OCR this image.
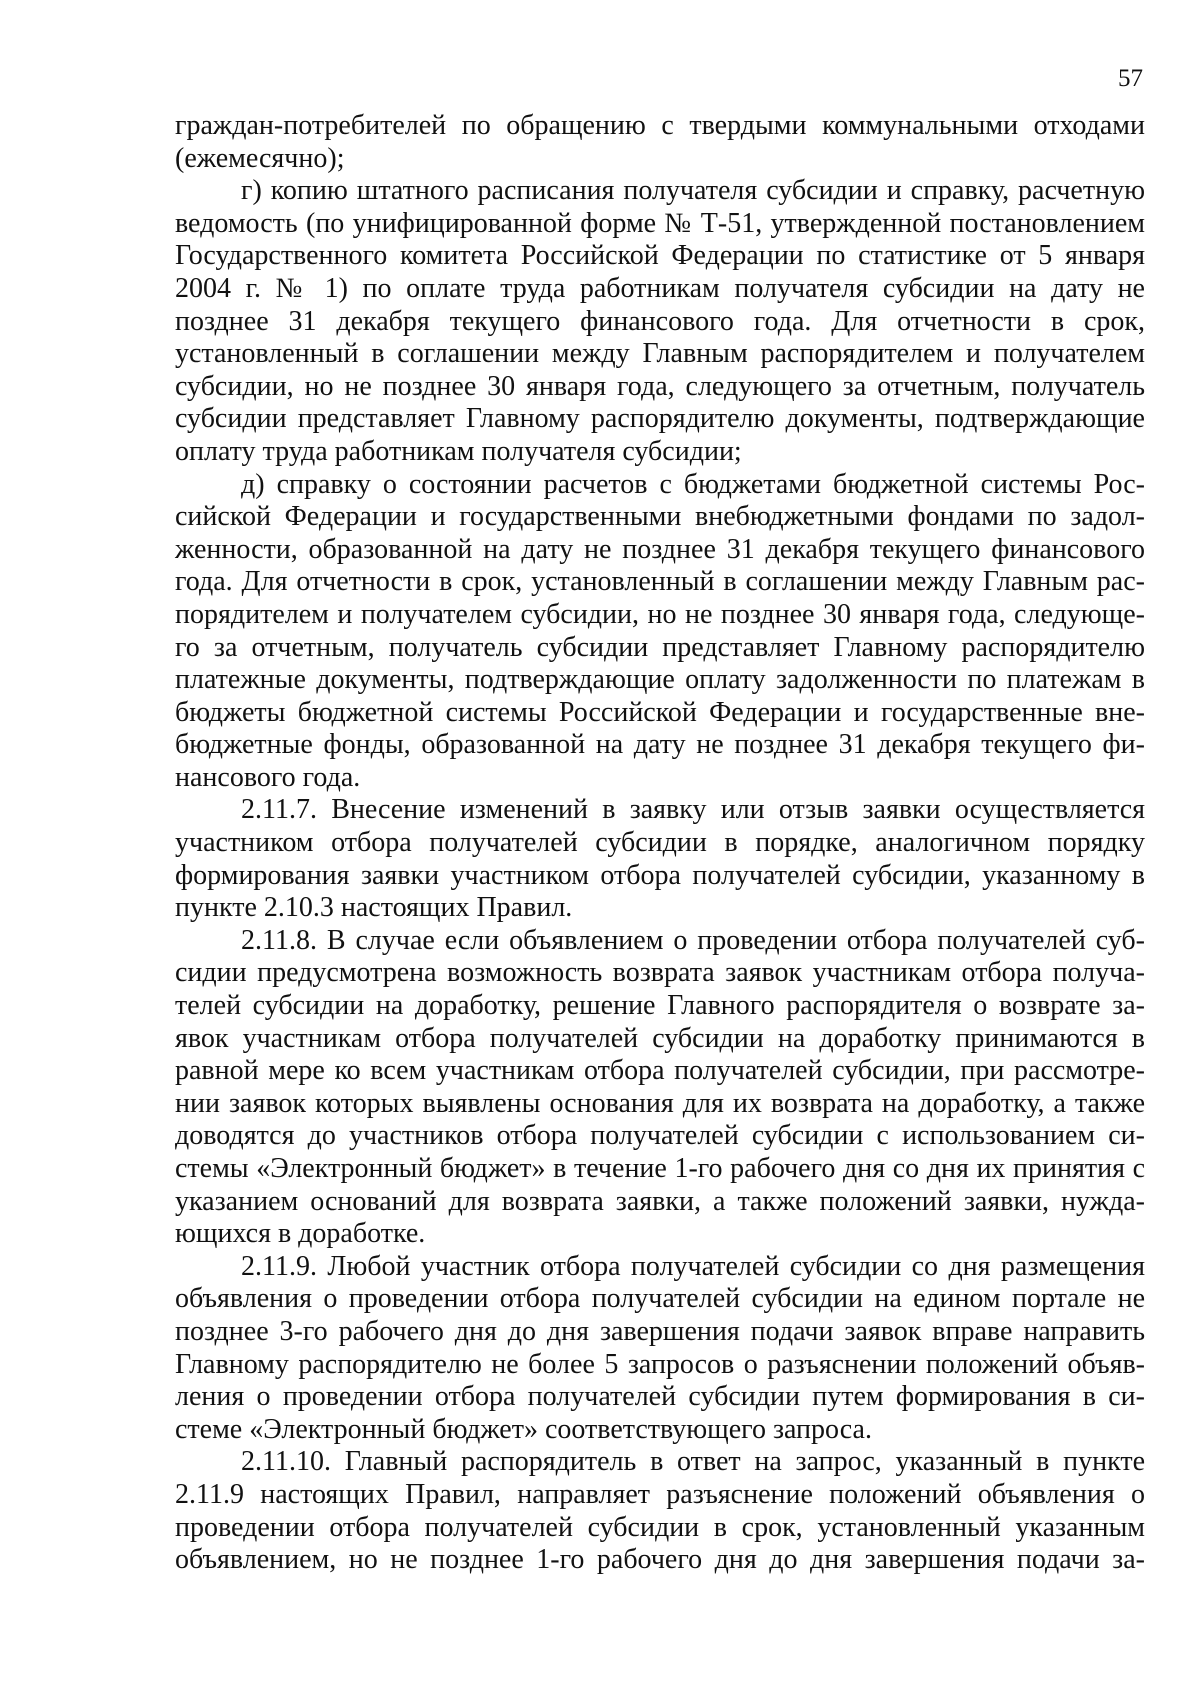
57

граждан-потребителей по обращению с твердыми коммунальными отходами (ежемесячно);

г) копию штатного расписания получателя субсидии и справку, расчетную ведомость (по унифицированной форме № Т-51, утвержденной постановлением Государственного комитета Российской Федерации по статистике от 5 января 2004 г. № 1) по оплате труда работникам получателя субсидии на дату не позднее 31 декабря текущего финансового года. Для отчетности в срок, установленный в соглашении между Главным распорядителем и получателем субсидии, но не позднее 30 января года, следующего за отчетным, получатель субсидии представляет Главному распорядителю документы, подтверждающие оплату труда работникам получателя субсидии;

д) справку о состоянии расчетов с бюджетами бюджетной системы Российской Федерации и государственными внебюджетными фондами по задолженности, образованной на дату не позднее 31 декабря текущего финансового года. Для отчетности в срок, установленный в соглашении между Главным распорядителем и получателем субсидии, но не позднее 30 января года, следующего за отчетным, получатель субсидии представляет Главному распорядителю платежные документы, подтверждающие оплату задолженности по платежам в бюджеты бюджетной системы Российской Федерации и государственные внебюджетные фонды, образованной на дату не позднее 31 декабря текущего финансового года.

2.11.7. Внесение изменений в заявку или отзыв заявки осуществляется участником отбора получателей субсидии в порядке, аналогичном порядку формирования заявки участником отбора получателей субсидии, указанному в пункте 2.10.3 настоящих Правил.

2.11.8. В случае если объявлением о проведении отбора получателей субсидии предусмотрена возможность возврата заявок участникам отбора получателей субсидии на доработку, решение Главного распорядителя о возврате заявок участникам отбора получателей субсидии на доработку принимаются в равной мере ко всем участникам отбора получателей субсидии, при рассмотрении заявок которых выявлены основания для их возврата на доработку, а также доводятся до участников отбора получателей субсидии с использованием системы «Электронный бюджет» в течение 1-го рабочего дня со дня их принятия с указанием оснований для возврата заявки, а также положений заявки, нуждающихся в доработке.

2.11.9. Любой участник отбора получателей субсидии со дня размещения объявления о проведении отбора получателей субсидии на едином портале не позднее 3-го рабочего дня до дня завершения подачи заявок вправе направить Главному распорядителю не более 5 запросов о разъяснении положений объявления о проведении отбора получателей субсидии путем формирования в системе «Электронный бюджет» соответствующего запроса.

2.11.10. Главный распорядитель в ответ на запрос, указанный в пункте 2.11.9 настоящих Правил, направляет разъяснение положений объявления о проведении отбора получателей субсидии в срок, установленный указанным объявлением, но не позднее 1-го рабочего дня до дня завершения подачи за-
